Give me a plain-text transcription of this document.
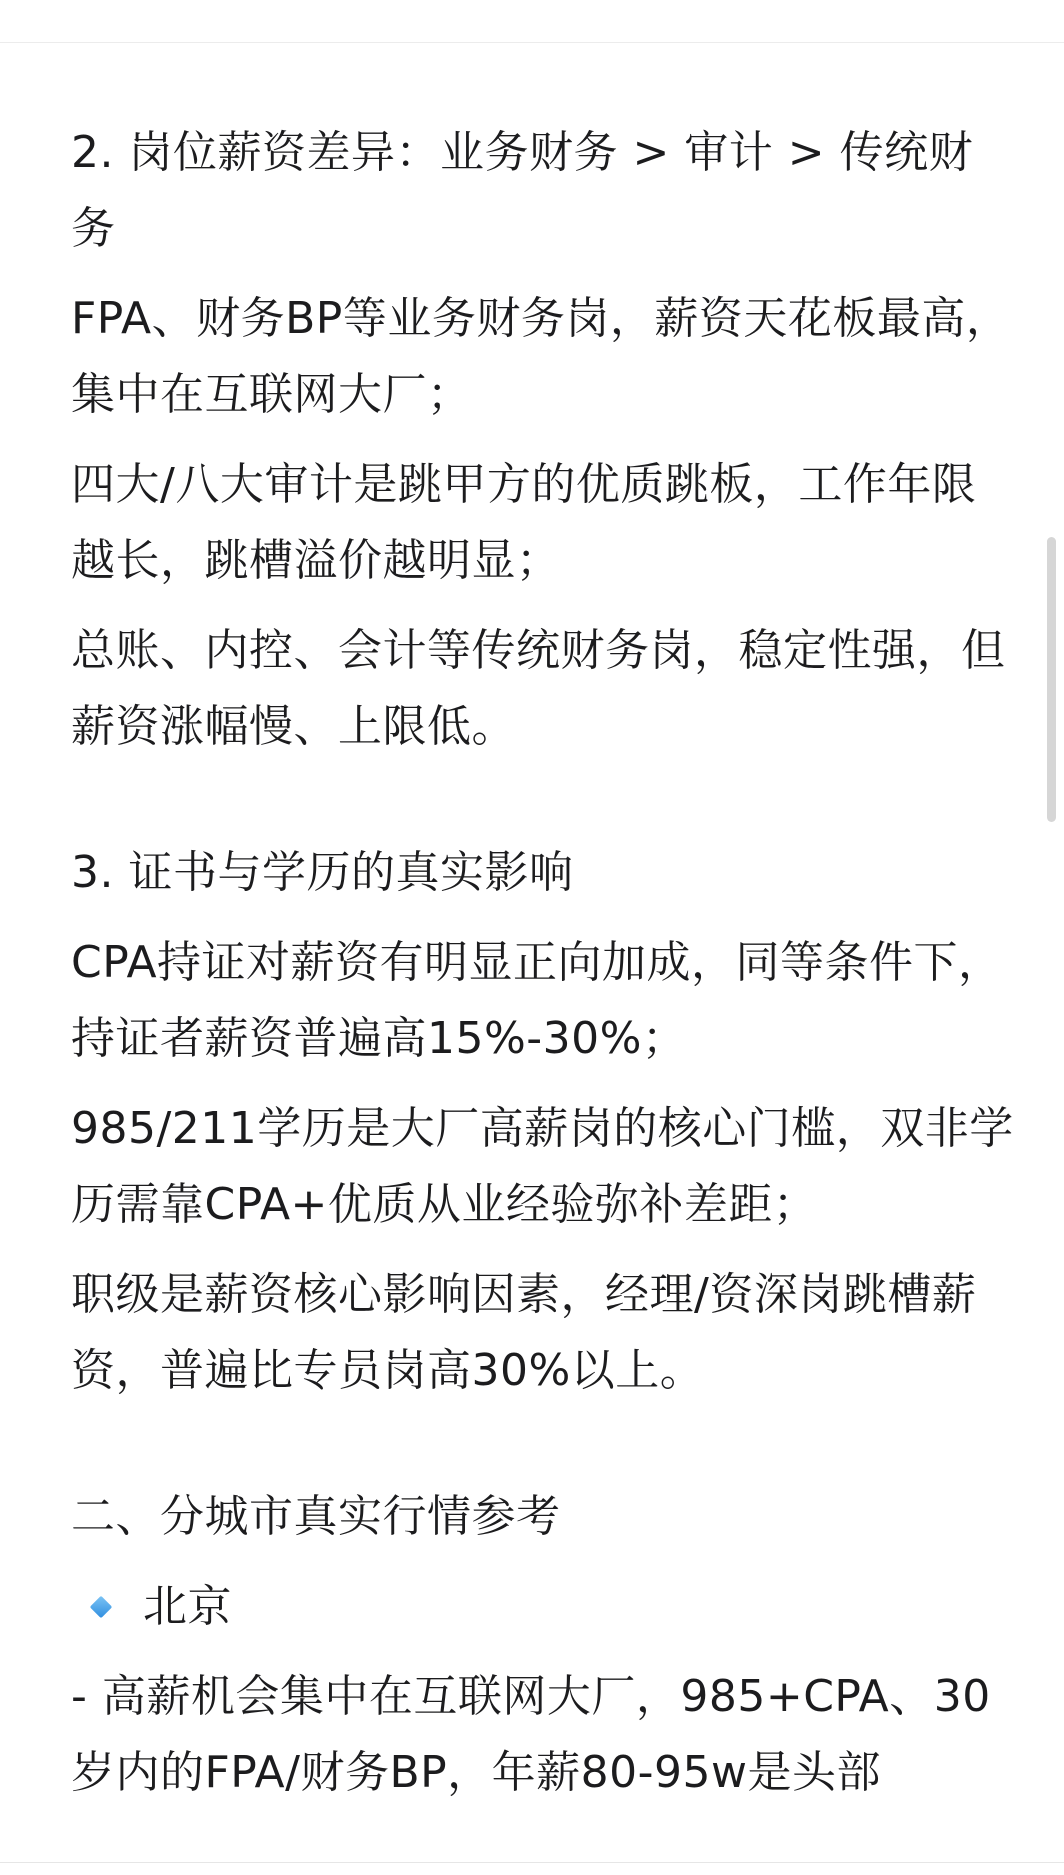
2. 岗位薪资差异：业务财务 > 审计 > 传统财务

FPA、财务BP等业务财务岗，薪资天花板最高，集中在互联网大厂；

四大/八大审计是跳甲方的优质跳板，工作年限越长，跳槽溢价越明显；

总账、内控、会计等传统财务岗，稳定性强，但薪资涨幅慢、上限低。

3. 证书与学历的真实影响

CPA持证对薪资有明显正向加成，同等条件下，持证者薪资普遍高15%-30%；

985/211学历是大厂高薪岗的核心门槛，双非学历需靠CPA+优质从业经验弥补差距；

职级是薪资核心影响因素，经理/资深岗跳槽薪资，普遍比专员岗高30%以上。

二、分城市真实行情参考

北京

- 高薪机会集中在互联网大厂，985+CPA、30岁内的FPA/财务BP，年薪80-95w是头部
